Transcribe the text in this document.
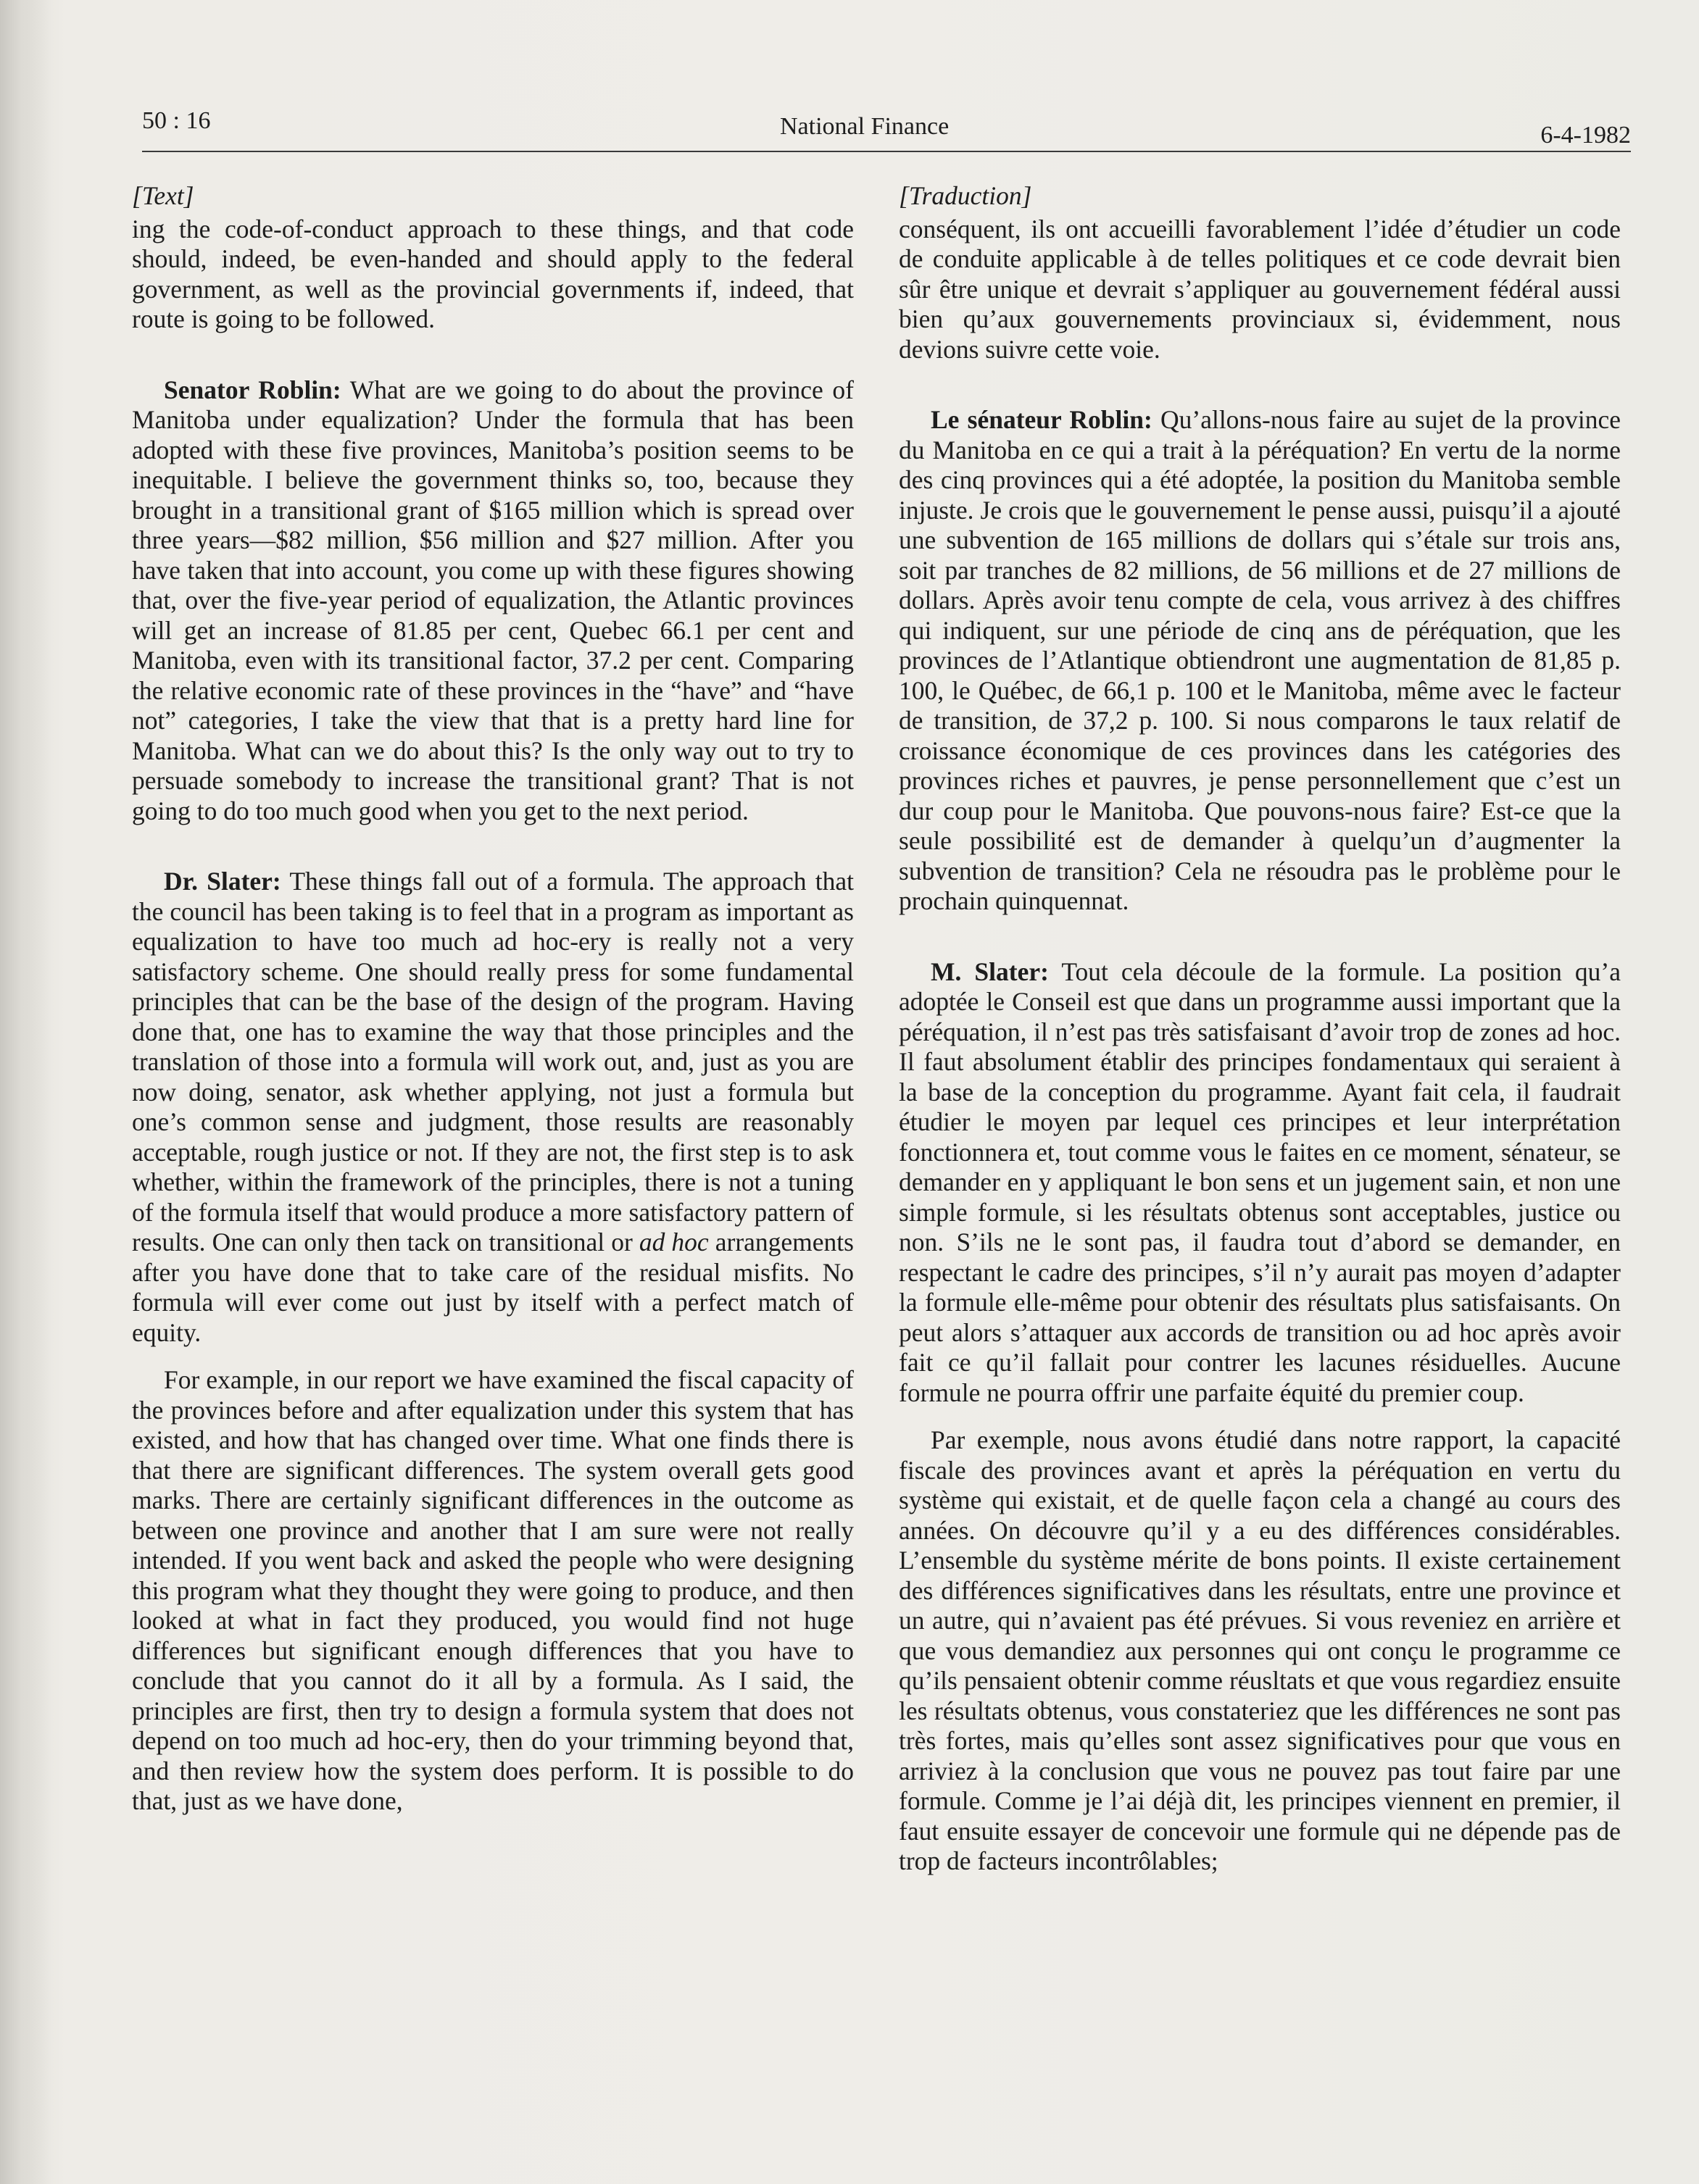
50 : 16	National Finance	6-4-1982

[Text]

ing the code-of-conduct approach to these things, and that code should, indeed, be even-handed and should apply to the federal government, as well as the provincial governments if, indeed, that route is going to be followed.

Senator Roblin: What are we going to do about the province of Manitoba under equalization? Under the formula that has been adopted with these five provinces, Manitoba’s position seems to be inequitable. I believe the government thinks so, too, because they brought in a transitional grant of $165 million which is spread over three years—$82 million, $56 million and $27 million. After you have taken that into account, you come up with these figures showing that, over the five-year period of equalization, the Atlantic provinces will get an increase of 81.85 per cent, Quebec 66.1 per cent and Manitoba, even with its transitional factor, 37.2 per cent. Comparing the relative economic rate of these provinces in the “have” and “have not” categories, I take the view that that is a pretty hard line for Manitoba. What can we do about this? Is the only way out to try to persuade somebody to increase the transitional grant? That is not going to do too much good when you get to the next period.

Dr. Slater: These things fall out of a formula. The approach that the council has been taking is to feel that in a program as important as equalization to have too much ad hoc-ery is really not a very satisfactory scheme. One should really press for some fundamental principles that can be the base of the design of the program. Having done that, one has to examine the way that those principles and the translation of those into a formula will work out, and, just as you are now doing, senator, ask whether applying, not just a formula but one’s common sense and judgment, those results are reasonably acceptable, rough justice or not. If they are not, the first step is to ask whether, within the framework of the principles, there is not a tuning of the formula itself that would produce a more satisfactory pattern of results. One can only then tack on transitional or ad hoc arrangements after you have done that to take care of the residual misfits. No formula will ever come out just by itself with a perfect match of equity.

For example, in our report we have examined the fiscal capacity of the provinces before and after equalization under this system that has existed, and how that has changed over time. What one finds there is that there are significant differences. The system overall gets good marks. There are certainly significant differences in the outcome as between one province and another that I am sure were not really intended. If you went back and asked the people who were designing this program what they thought they were going to produce, and then looked at what in fact they produced, you would find not huge differences but significant enough differences that you have to conclude that you cannot do it all by a formula. As I said, the principles are first, then try to design a formula system that does not depend on too much ad hoc-ery, then do your trimming beyond that, and then review how the system does perform. It is possible to do that, just as we have done,

[Traduction]

conséquent, ils ont accueilli favorablement l’idée d’étudier un code de conduite applicable à de telles politiques et ce code devrait bien sûr être unique et devrait s’appliquer au gouvernement fédéral aussi bien qu’aux gouvernements provinciaux si, évidemment, nous devions suivre cette voie.

Le sénateur Roblin: Qu’allons-nous faire au sujet de la province du Manitoba en ce qui a trait à la péréquation? En vertu de la norme des cinq provinces qui a été adoptée, la position du Manitoba semble injuste. Je crois que le gouvernement le pense aussi, puisqu’il a ajouté une subvention de 165 millions de dollars qui s’étale sur trois ans, soit par tranches de 82 millions, de 56 millions et de 27 millions de dollars. Après avoir tenu compte de cela, vous arrivez à des chiffres qui indiquent, sur une période de cinq ans de péréquation, que les provinces de l’Atlantique obtiendront une augmentation de 81,85 p. 100, le Québec, de 66,1 p. 100 et le Manitoba, même avec le facteur de transition, de 37,2 p. 100. Si nous comparons le taux relatif de croissance économique de ces provinces dans les catégories des provinces riches et pauvres, je pense personnellement que c’est un dur coup pour le Manitoba. Que pouvons-nous faire? Est-ce que la seule possibilité est de demander à quelqu’un d’augmenter la subvention de transition? Cela ne résoudra pas le problème pour le prochain quinquennat.

M. Slater: Tout cela découle de la formule. La position qu’a adoptée le Conseil est que dans un programme aussi important que la péréquation, il n’est pas très satisfaisant d’avoir trop de zones ad hoc. Il faut absolument établir des principes fondamentaux qui seraient à la base de la conception du programme. Ayant fait cela, il faudrait étudier le moyen par lequel ces principes et leur interprétation fonctionnera et, tout comme vous le faites en ce moment, sénateur, se demander en y appliquant le bon sens et un jugement sain, et non une simple formule, si les résultats obtenus sont acceptables, justice ou non. S’ils ne le sont pas, il faudra tout d’abord se demander, en respectant le cadre des principes, s’il n’y aurait pas moyen d’adapter la formule elle-même pour obtenir des résultats plus satisfaisants. On peut alors s’attaquer aux accords de transition ou ad hoc après avoir fait ce qu’il fallait pour contrer les lacunes résiduelles. Aucune formule ne pourra offrir une parfaite équité du premier coup.

Par exemple, nous avons étudié dans notre rapport, la capacité fiscale des provinces avant et après la péréquation en vertu du système qui existait, et de quelle façon cela a changé au cours des années. On découvre qu’il y a eu des différences considérables. L’ensemble du système mérite de bons points. Il existe certainement des différences significatives dans les résultats, entre une province et un autre, qui n’avaient pas été prévues. Si vous reveniez en arrière et que vous demandiez aux personnes qui ont conçu le programme ce qu’ils pensaient obtenir comme réusltats et que vous regardiez ensuite les résultats obtenus, vous constateriez que les différences ne sont pas très fortes, mais qu’elles sont assez significatives pour que vous en arriviez à la conclusion que vous ne pouvez pas tout faire par une formule. Comme je l’ai déjà dit, les principes viennent en premier, il faut ensuite essayer de concevoir une formule qui ne dépende pas de trop de facteurs incontrôlables;
